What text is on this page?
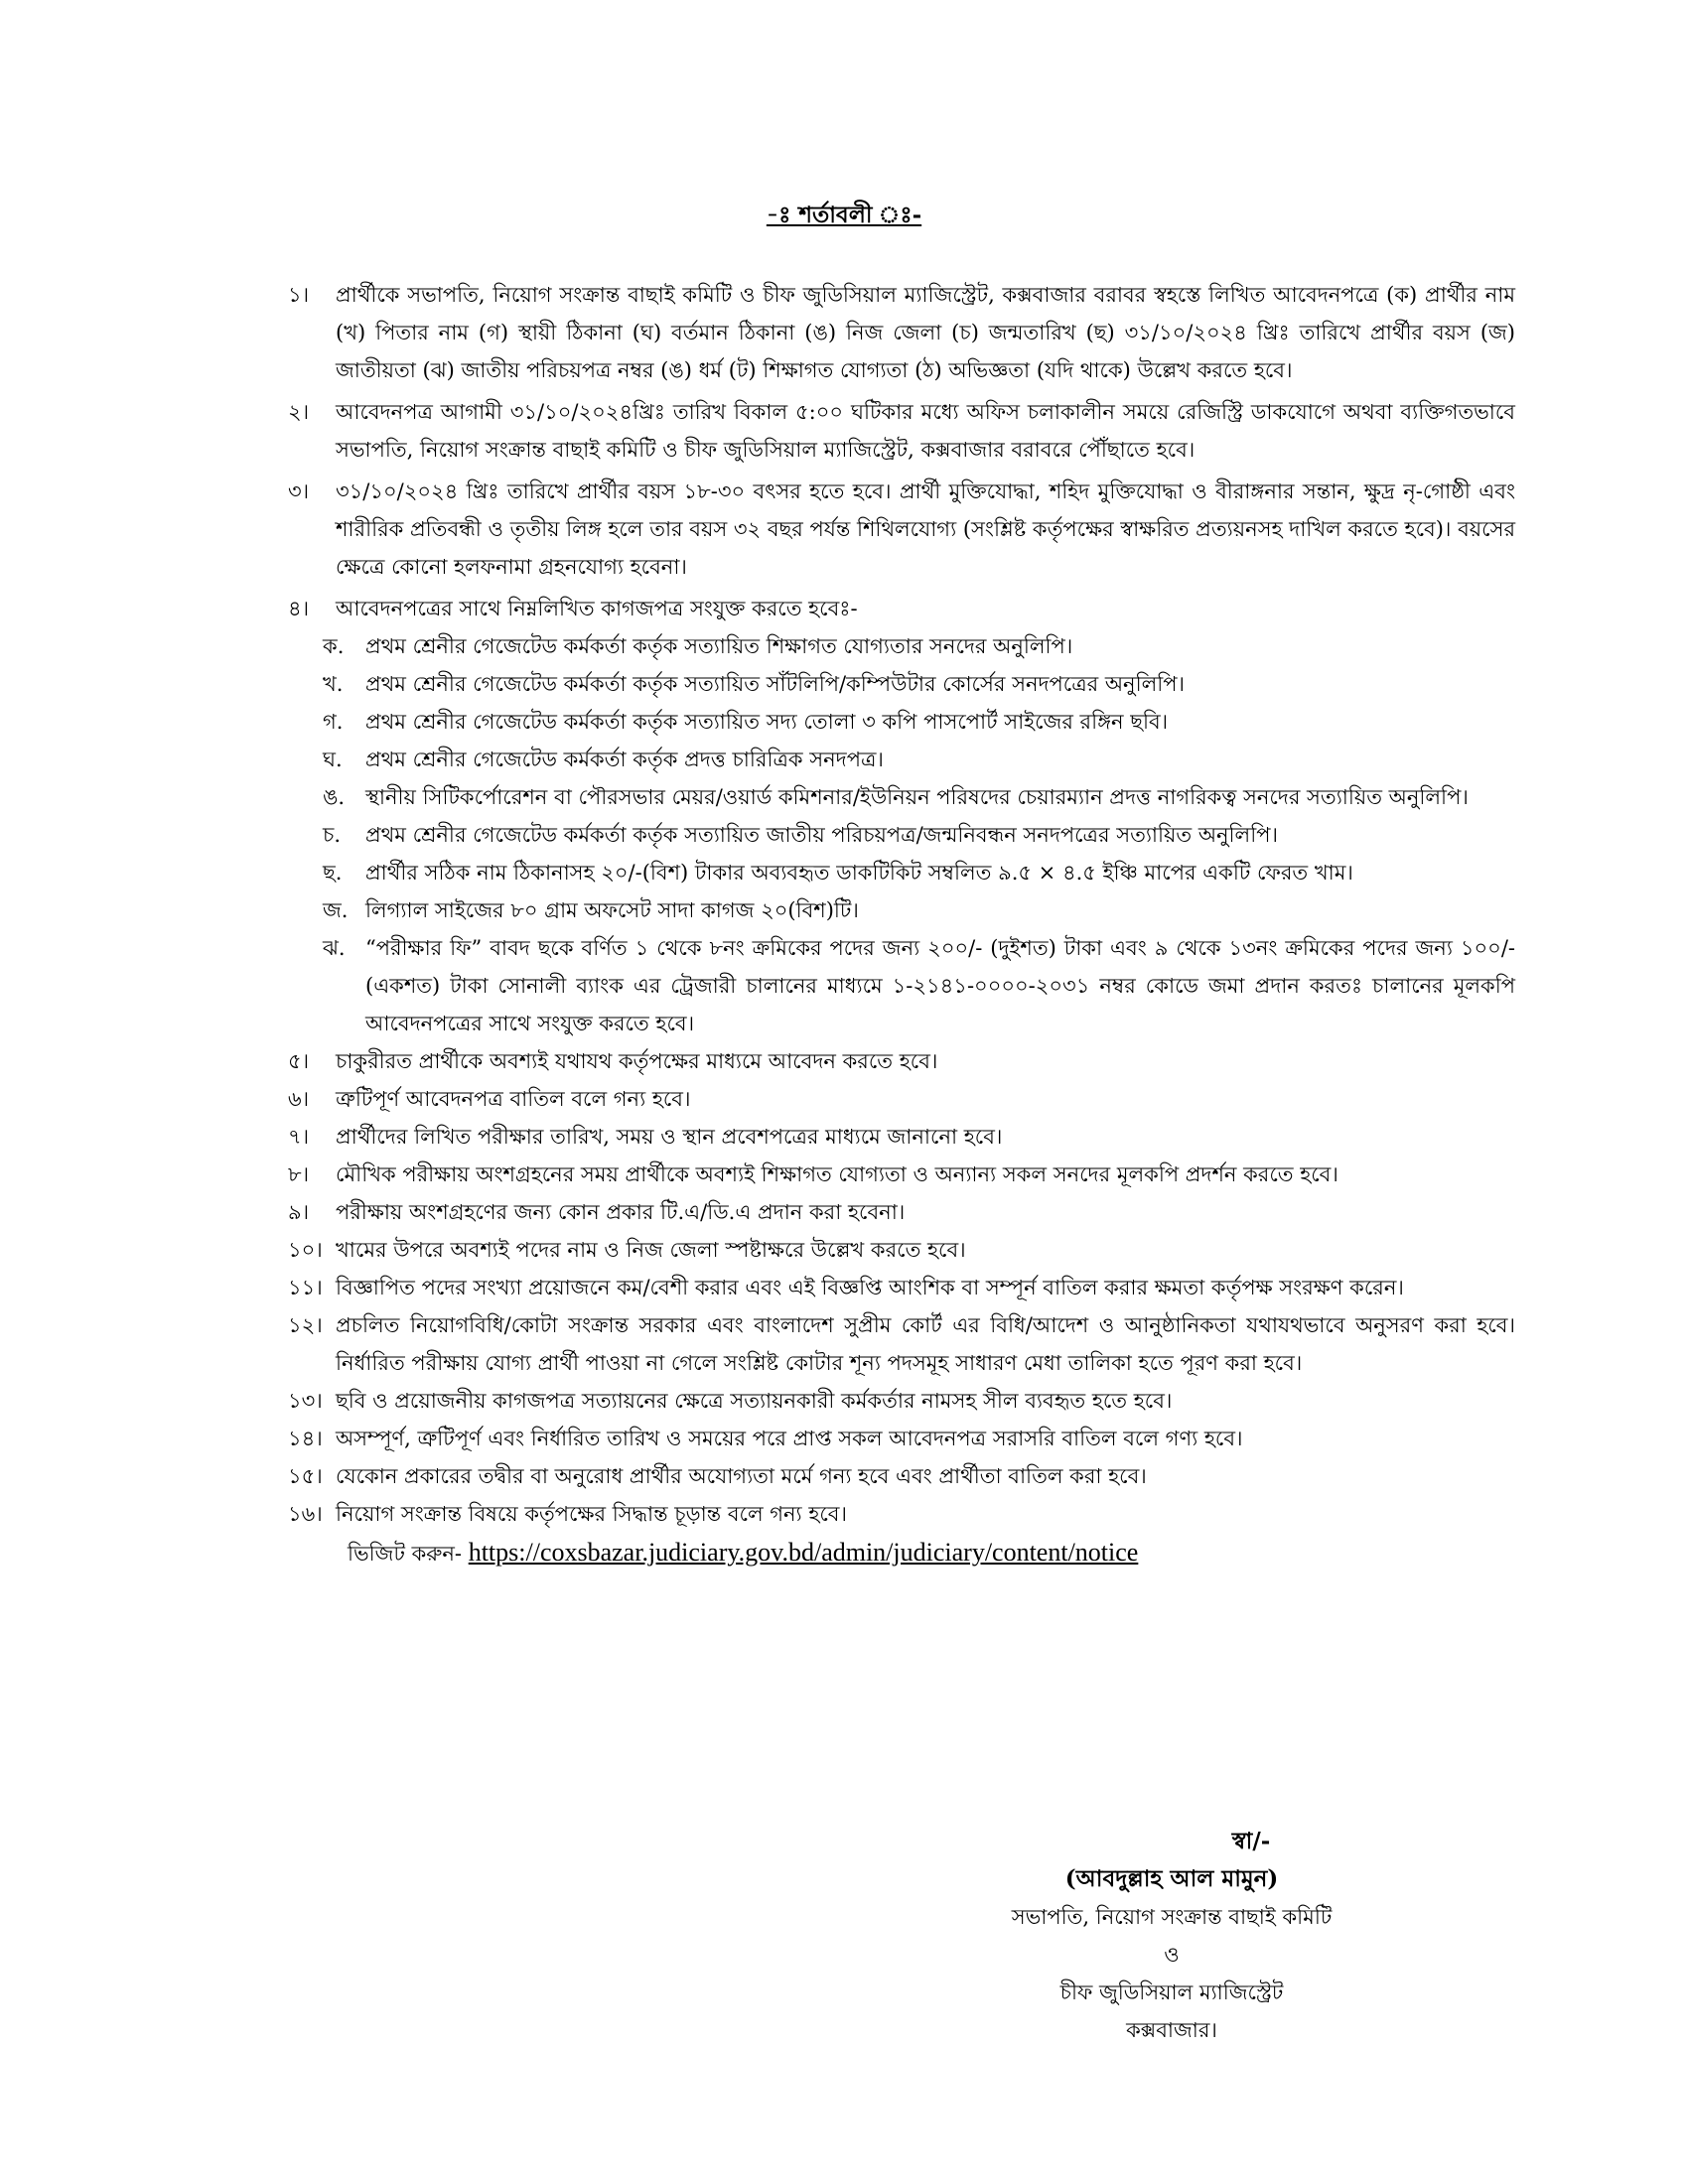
-ঃ শর্তাবলী ঃ-
১।	প্রার্থীকে সভাপতি, নিয়োগ সংক্রান্ত বাছাই কমিটি ও চীফ জুডিসিয়াল ম্যাজিস্ট্রেট, কক্সবাজার বরাবর স্বহস্তে লিখিত আবেদনপত্রে (ক) প্রার্থীর নাম (খ) পিতার নাম (গ) স্থায়ী ঠিকানা (ঘ) বর্তমান ঠিকানা (ঙ) নিজ জেলা (চ) জন্মতারিখ (ছ) ৩১/১০/২০২৪ খ্রিঃ তারিখে প্রার্থীর বয়স (জ) জাতীয়তা (ঝ) জাতীয় পরিচয়পত্র নম্বর (ঙ) ধর্ম (ট) শিক্ষাগত যোগ্যতা (ঠ) অভিজ্ঞতা (যদি থাকে) উল্লেখ করতে হবে।
২।	আবেদনপত্র আগামী ৩১/১০/২০২৪খ্রিঃ তারিখ বিকাল ৫:০০ ঘটিকার মধ্যে অফিস চলাকালীন সময়ে রেজিস্ট্রি ডাকযোগে অথবা ব্যক্তিগতভাবে সভাপতি, নিয়োগ সংক্রান্ত বাছাই কমিটি ও চীফ জুডিসিয়াল ম্যাজিস্ট্রেট, কক্সবাজার বরাবরে পৌঁছাতে হবে।
৩।	৩১/১০/২০২৪ খ্রিঃ তারিখে প্রার্থীর বয়স ১৮-৩০ বৎসর হতে হবে। প্রার্থী মুক্তিযোদ্ধা, শহিদ মুক্তিযোদ্ধা ও বীরাঙ্গনার সন্তান, ক্ষুদ্র নৃ-গোষ্ঠী এবং শারীরিক প্রতিবন্ধী ও তৃতীয় লিঙ্গ হলে তার বয়স ৩২ বছর পর্যন্ত শিথিলযোগ্য (সংশ্লিষ্ট কর্তৃপক্ষের স্বাক্ষরিত প্রত্যয়নসহ দাখিল করতে হবে)। বয়সের ক্ষেত্রে কোনো হলফনামা গ্রহনযোগ্য হবেনা।
৪।	আবেদনপত্রের সাথে নিম্নলিখিত কাগজপত্র সংযুক্ত করতে হবেঃ-
ক.	প্রথম শ্রেনীর গেজেটেড কর্মকর্তা কর্তৃক সত্যায়িত শিক্ষাগত যোগ্যতার সনদের অনুলিপি।
খ.	প্রথম শ্রেনীর গেজেটেড কর্মকর্তা কর্তৃক সত্যায়িত সাঁটলিপি/কম্পিউটার কোর্সের সনদপত্রের অনুলিপি।
গ.	প্রথম শ্রেনীর গেজেটেড কর্মকর্তা কর্তৃক সত্যায়িত সদ্য তোলা ৩ কপি পাসপোর্ট সাইজের রঙ্গিন ছবি।
ঘ.	প্রথম শ্রেনীর গেজেটেড কর্মকর্তা কর্তৃক প্রদত্ত চারিত্রিক সনদপত্র।
ঙ. স্থানীয় সিটিকর্পোরেশন বা পৌরসভার মেয়র/ওয়ার্ড কমিশনার/ইউনিয়ন পরিষদের চেয়ারম্যান প্রদত্ত নাগরিকত্ব সনদের সত্যায়িত অনুলিপি।
চ.	প্রথম শ্রেনীর গেজেটেড কর্মকর্তা কর্তৃক সত্যায়িত জাতীয় পরিচয়পত্র/জন্মনিবন্ধন সনদপত্রের সত্যায়িত অনুলিপি।
ছ.	প্রার্থীর সঠিক নাম ঠিকানাসহ ২০/-(বিশ) টাকার অব্যবহৃত ডাকটিকিট সম্বলিত ৯.৫ × ৪.৫ ইঞ্চি মাপের একটি ফেরত খাম।
জ. লিগ্যাল সাইজের ৮০ গ্রাম অফসেট সাদা কাগজ ২০(বিশ)টি।
ঝ. “পরীক্ষার ফি” বাবদ ছকে বর্ণিত ১ থেকে ৮নং ক্রমিকের পদের জন্য ২০০/- (দুইশত) টাকা এবং ৯ থেকে ১৩নং ক্রমিকের পদের জন্য ১০০/- (একশত) টাকা সোনালী ব্যাংক এর ট্রেজারী চালানের মাধ্যমে ১-২১৪১-০০০০-২০৩১ নম্বর কোডে জমা প্রদান করতঃ চালানের মূলকপি আবেদনপত্রের সাথে সংযুক্ত করতে হবে।
৫।	চাকুরীরত প্রার্থীকে অবশ্যই যথাযথ কর্তৃপক্ষের মাধ্যমে আবেদন করতে হবে।
৬।	ত্রুটিপূর্ণ আবেদনপত্র বাতিল বলে গন্য হবে।
৭।	প্রার্থীদের লিখিত পরীক্ষার তারিখ, সময় ও স্থান প্রবেশপত্রের মাধ্যমে জানানো হবে।
৮।	মৌখিক পরীক্ষায় অংশগ্রহনের সময় প্রার্থীকে অবশ্যই শিক্ষাগত যোগ্যতা ও অন্যান্য সকল সনদের মূলকপি প্রদর্শন করতে হবে।
৯।	পরীক্ষায় অংশগ্রহণের জন্য কোন প্রকার টি.এ/ডি.এ প্রদান করা হবেনা।
১০। খামের উপরে অবশ্যই পদের নাম ও নিজ জেলা স্পষ্টাক্ষরে উল্লেখ করতে হবে।
১১। বিজ্ঞাপিত পদের সংখ্যা প্রয়োজনে কম/বেশী করার এবং এই বিজ্ঞপ্তি আংশিক বা সম্পূর্ন বাতিল করার ক্ষমতা কর্তৃপক্ষ সংরক্ষণ করেন।
১২। প্রচলিত নিয়োগবিধি/কোটা সংক্রান্ত সরকার এবং বাংলাদেশ সুপ্রীম কোর্ট এর বিধি/আদেশ ও আনুষ্ঠানিকতা যথাযথভাবে অনুসরণ করা হবে। নির্ধারিত পরীক্ষায় যোগ্য প্রার্থী পাওয়া না গেলে সংশ্লিষ্ট কোটার শূন্য পদসমূহ সাধারণ মেধা তালিকা হতে পূরণ করা হবে।
১৩। ছবি ও প্রয়োজনীয় কাগজপত্র সত্যায়নের ক্ষেত্রে সত্যায়নকারী কর্মকর্তার নামসহ সীল ব্যবহৃত হতে হবে।
১৪। অসম্পূর্ণ, ত্রুটিপূর্ণ এবং নির্ধারিত তারিখ ও সময়ের পরে প্রাপ্ত সকল আবেদনপত্র সরাসরি বাতিল বলে গণ্য হবে।
১৫। যেকোন প্রকারের তদ্বীর বা অনুরোধ প্রার্থীর অযোগ্যতা মর্মে গন্য হবে এবং প্রার্থীতা বাতিল করা হবে।
১৬। নিয়োগ সংক্রান্ত বিষয়ে কর্তৃপক্ষের সিদ্ধান্ত চূড়ান্ত বলে গন্য হবে।
ভিজিট করুন- https://coxsbazar.judiciary.gov.bd/admin/judiciary/content/notice
স্বা/-
(আবদুল্লাহ আল মামুন)
সভাপতি, নিয়োগ সংক্রান্ত বাছাই কমিটি
ও
চীফ জুডিসিয়াল ম্যাজিস্ট্রেট
কক্সবাজার।
